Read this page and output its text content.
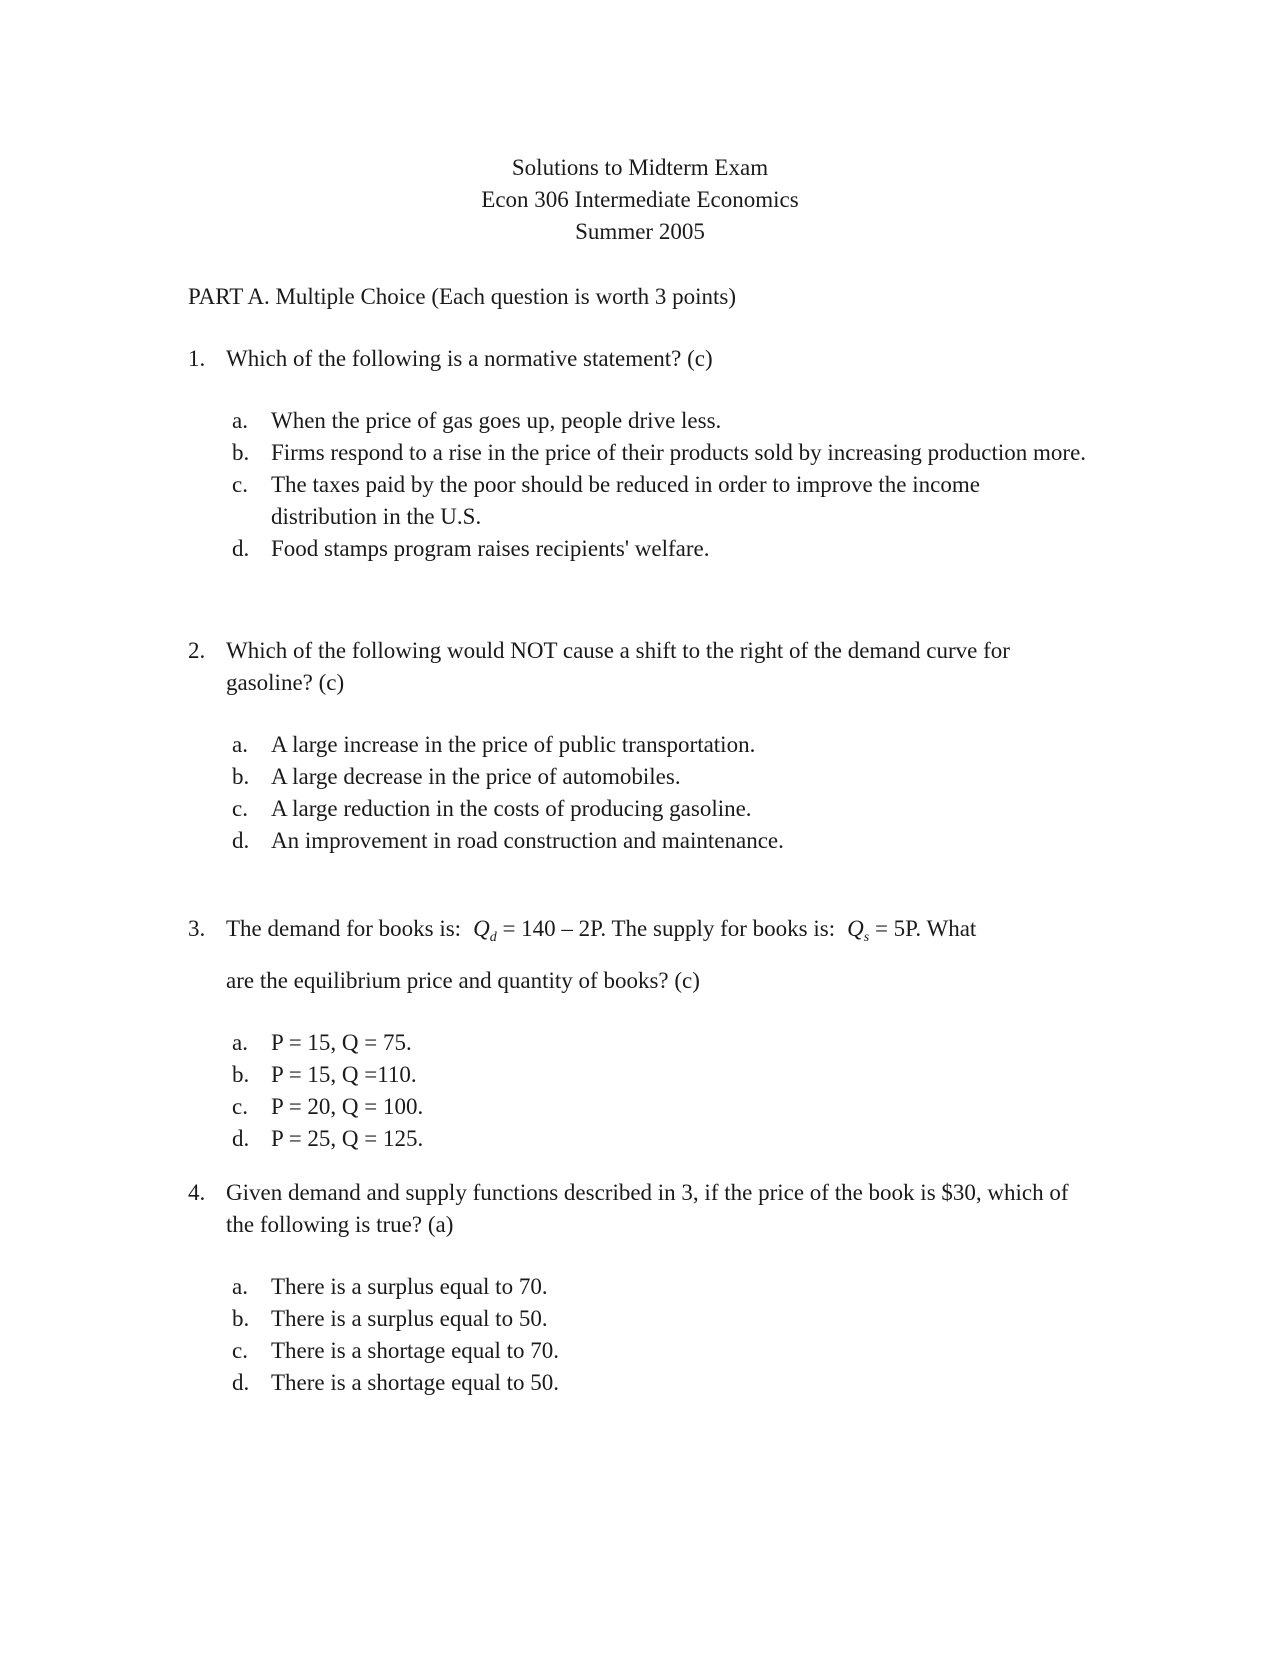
Solutions to Midterm Exam
Econ 306 Intermediate Economics
Summer 2005
PART A. Multiple Choice (Each question is worth 3 points)
1. Which of the following is a normative statement? (c)
a. When the price of gas goes up, people drive less.
b. Firms respond to a rise in the price of their products sold by increasing production more.
c. The taxes paid by the poor should be reduced in order to improve the income distribution in the U.S.
d. Food stamps program raises recipients' welfare.
2. Which of the following would NOT cause a shift to the right of the demand curve for gasoline? (c)
a. A large increase in the price of public transportation.
b. A large decrease in the price of automobiles.
c. A large reduction in the costs of producing gasoline.
d. An improvement in road construction and maintenance.
3. The demand for books is: $Q_d = 140 - 2P$. The supply for books is: $Q_s = 5P$. What
are the equilibrium price and quantity of books? (c)
a. P = 15, Q = 75.
b. P = 15, Q =110.
c. P = 20, Q = 100.
d. P = 25, Q = 125.
4. Given demand and supply functions described in 3, if the price of the book is $30, which of the following is true? (a)
a. There is a surplus equal to 70.
b. There is a surplus equal to 50.
c. There is a shortage equal to 70.
d. There is a shortage equal to 50.
